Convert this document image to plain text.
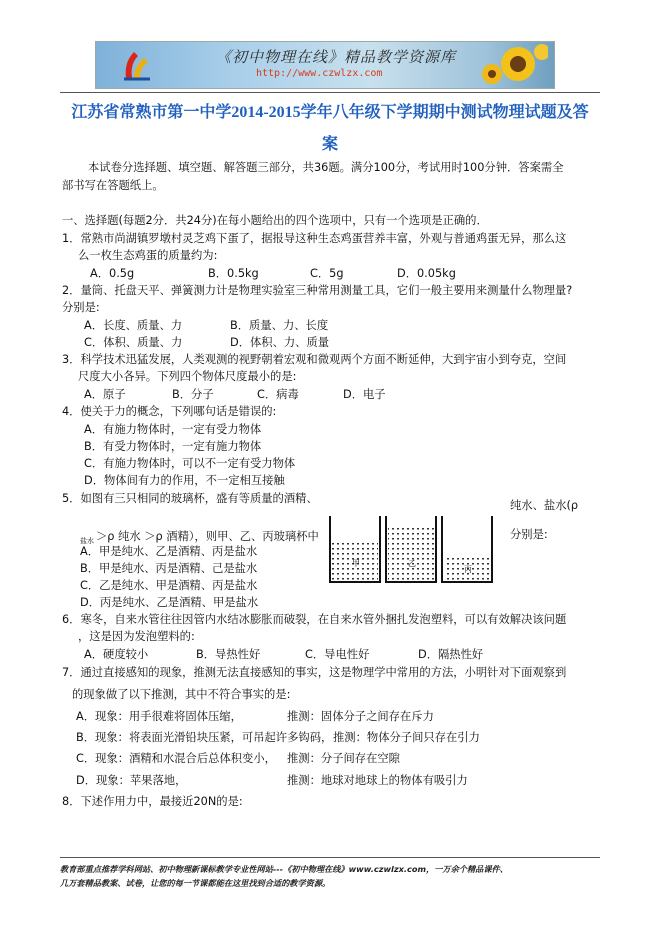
《初中物理在线》精品教学资源库
http://www.czwlzx.com
江苏省常熟市第一中学2014-2015学年八年级下学期期中测试物理试题及答
案
本试卷分选择题、填空题、解答题三部分，共36题。满分100分，考试用时100分钟．答案需全
部书写在答题纸上。
一、选择题(每题2分．共24分)在每小题给出的四个选项中，只有一个选项是正确的．
1．常熟市尚湖镇罗墩村灵芝鸡下蛋了，据报导这种生态鸡蛋营养丰富，外观与普通鸡蛋无异，那么这
么一枚生态鸡蛋的质量约为:
A．0.5g	B．0.5kg	C．5g	D．0.05kg
2．量筒、托盘天平、弹簧测力计是物理实验室三种常用测量工具，它们一般主要用来测量什么物理量?
分别是:
A．长度、质量、力	B．质量、力、长度
C．体积、质量、力	D．体积、力、质量
3．科学技术迅猛发展，人类观测的视野朝着宏观和微观两个方面不断延伸，大到宇宙小到夸克，空间
尺度大小各异。下列四个物体尺度最小的是:
A．原子	B．分子	C．病毒	D．电子
4．使关于力的概念，下列哪句话是错误的:
A．有施力物体时，一定有受力物体
B．有受力物体时，一定有施力物体
C．有施力物体时，可以不一定有受力物体
D．物体间有力的作用，不一定相互接触
5．如图有三只相同的玻璃杯，盛有等质量的酒精、
纯水、盐水(ρ
盐水 ＞ρ 纯水 ＞ρ 酒精），则甲、乙、丙玻璃杯中	分别是:
A．甲是纯水、乙是酒精、丙是盐水
B．甲是纯水、丙是酒精、己是盐水
C．乙是纯水、甲是酒精、丙是盐水
D．丙是纯水、乙是酒精、甲是盐水
甲	乙
丙
6．寒冬，自来水管往往因管内水结冰膨胀而破裂，在自来水管外捆扎发泡塑料，可以有效解决该问题
，这是因为发泡塑料的:
A．硬度较小	B．导热性好	C．导电性好	D．隔热性好
7．通过直接感知的现象，推测无法直接感知的事实，这是物理学中常用的方法，小明针对下面观察到
的现象做了以下推测，其中不符合事实的是:
A．现象：用手很难将固体压缩，	推测：固体分子之间存在斥力
B．现象：将表面光滑铅块压紧，可吊起许多钩码， 推测：物体分子间只存在引力
C．现象：酒精和水混合后总体积变小， 推测：分子间存在空隙
D．现象：苹果落地，	推测：地球对地球上的物体有吸引力
8．下述作用力中，最接近20N的是:
教育部重点推荐学科网站、初中物理新课标教学专业性网站---《初中物理在线》www.czwlzx.com，一万余个精品课件、
几万套精品教案、试卷，让您的每一节课都能在这里找到合适的教学资源。
